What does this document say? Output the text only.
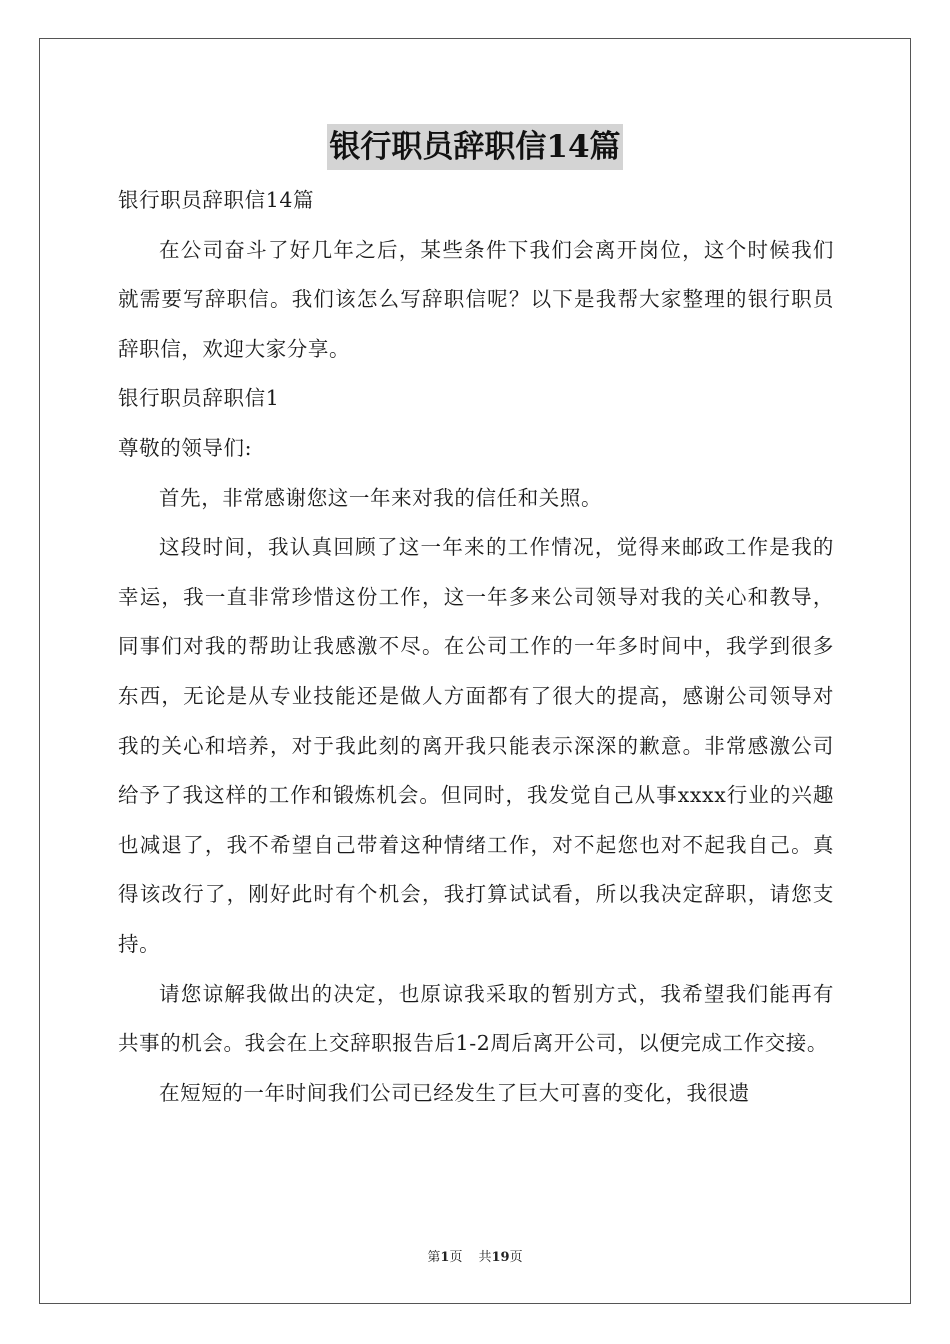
银行职员辞职信14篇

银行职员辞职信14篇

在公司奋斗了好几年之后，某些条件下我们会离开岗位，这个时候我们就需要写辞职信。我们该怎么写辞职信呢？以下是我帮大家整理的银行职员辞职信，欢迎大家分享。

银行职员辞职信1

尊敬的领导们:

首先，非常感谢您这一年来对我的信任和关照。

这段时间，我认真回顾了这一年来的工作情况，觉得来邮政工作是我的幸运，我一直非常珍惜这份工作，这一年多来公司领导对我的关心和教导，同事们对我的帮助让我感激不尽。在公司工作的一年多时间中，我学到很多东西，无论是从专业技能还是做人方面都有了很大的提高，感谢公司领导对我的关心和培养，对于我此刻的离开我只能表示深深的歉意。非常感激公司给予了我这样的工作和锻炼机会。但同时，我发觉自己从事xxxx行业的兴趣也减退了，我不希望自己带着这种情绪工作，对不起您也对不起我自己。真得该改行了，刚好此时有个机会，我打算试试看，所以我决定辞职，请您支持。

请您谅解我做出的决定，也原谅我采取的暂别方式，我希望我们能再有共事的机会。我会在上交辞职报告后1-2周后离开公司，以便完成工作交接。

在短短的一年时间我们公司已经发生了巨大可喜的变化，我很遗

第1页 共19页
